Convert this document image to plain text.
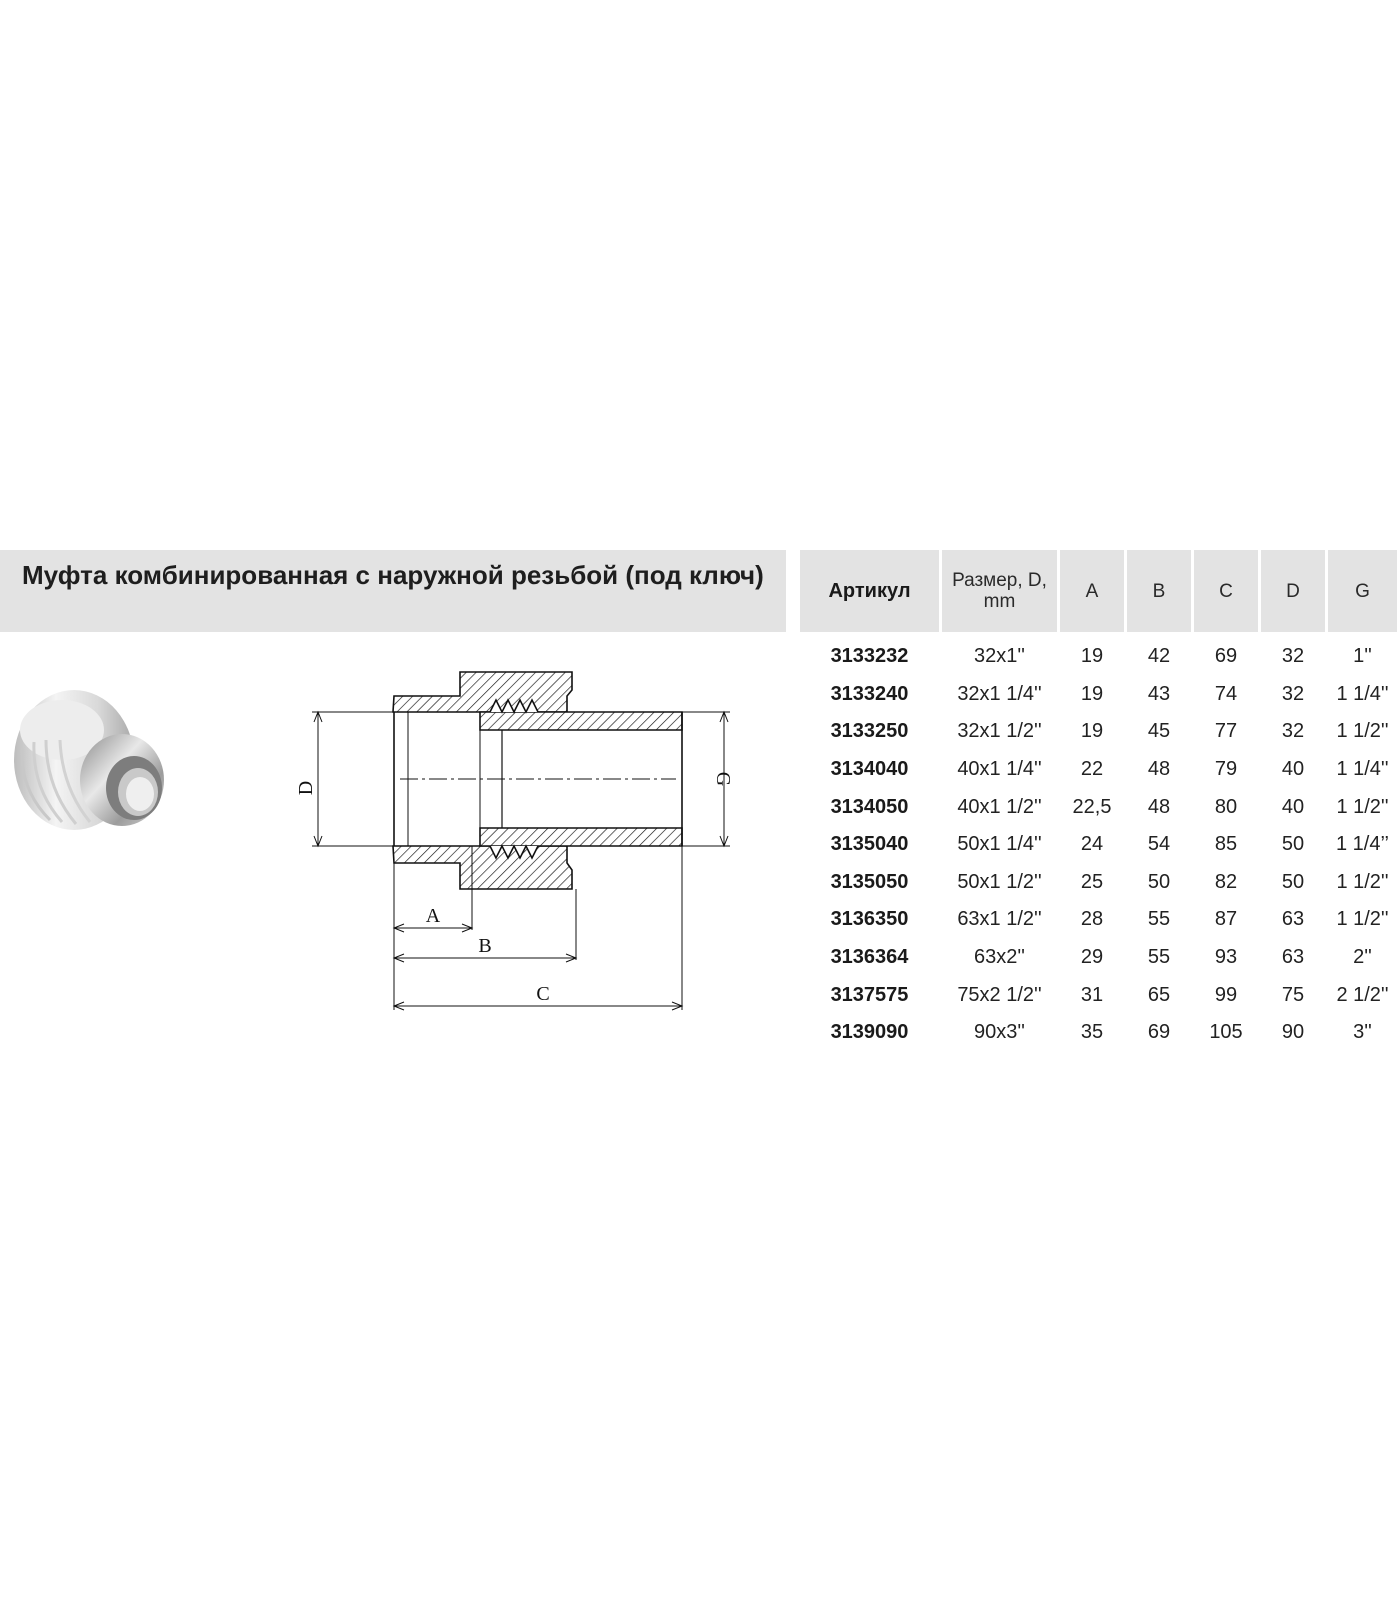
Муфта комбинированная с наружной резьбой (под ключ)
D
G
A
B
C
Артикул	Размер, D, mm	A	B	C	D	G
3133232	32x1''	19	42	69	32	1''
3133240	32x1 1/4''	19	43	74	32	1 1/4''
3133250	32x1 1/2''	19	45	77	32	1 1/2''
3134040	40x1 1/4''	22	48	79	40	1 1/4''
3134050	40x1 1/2''	22,5	48	80	40	1 1/2''
3135040	50x1 1/4''	24	54	85	50	1 1/4’’
3135050	50x1 1/2''	25	50	82	50	1 1/2''
3136350	63x1 1/2''	28	55	87	63	1 1/2''
3136364	63x2''	29	55	93	63	2''
3137575	75x2 1/2''	31	65	99	75	2 1/2''
3139090	90x3''	35	69	105	90	3''
